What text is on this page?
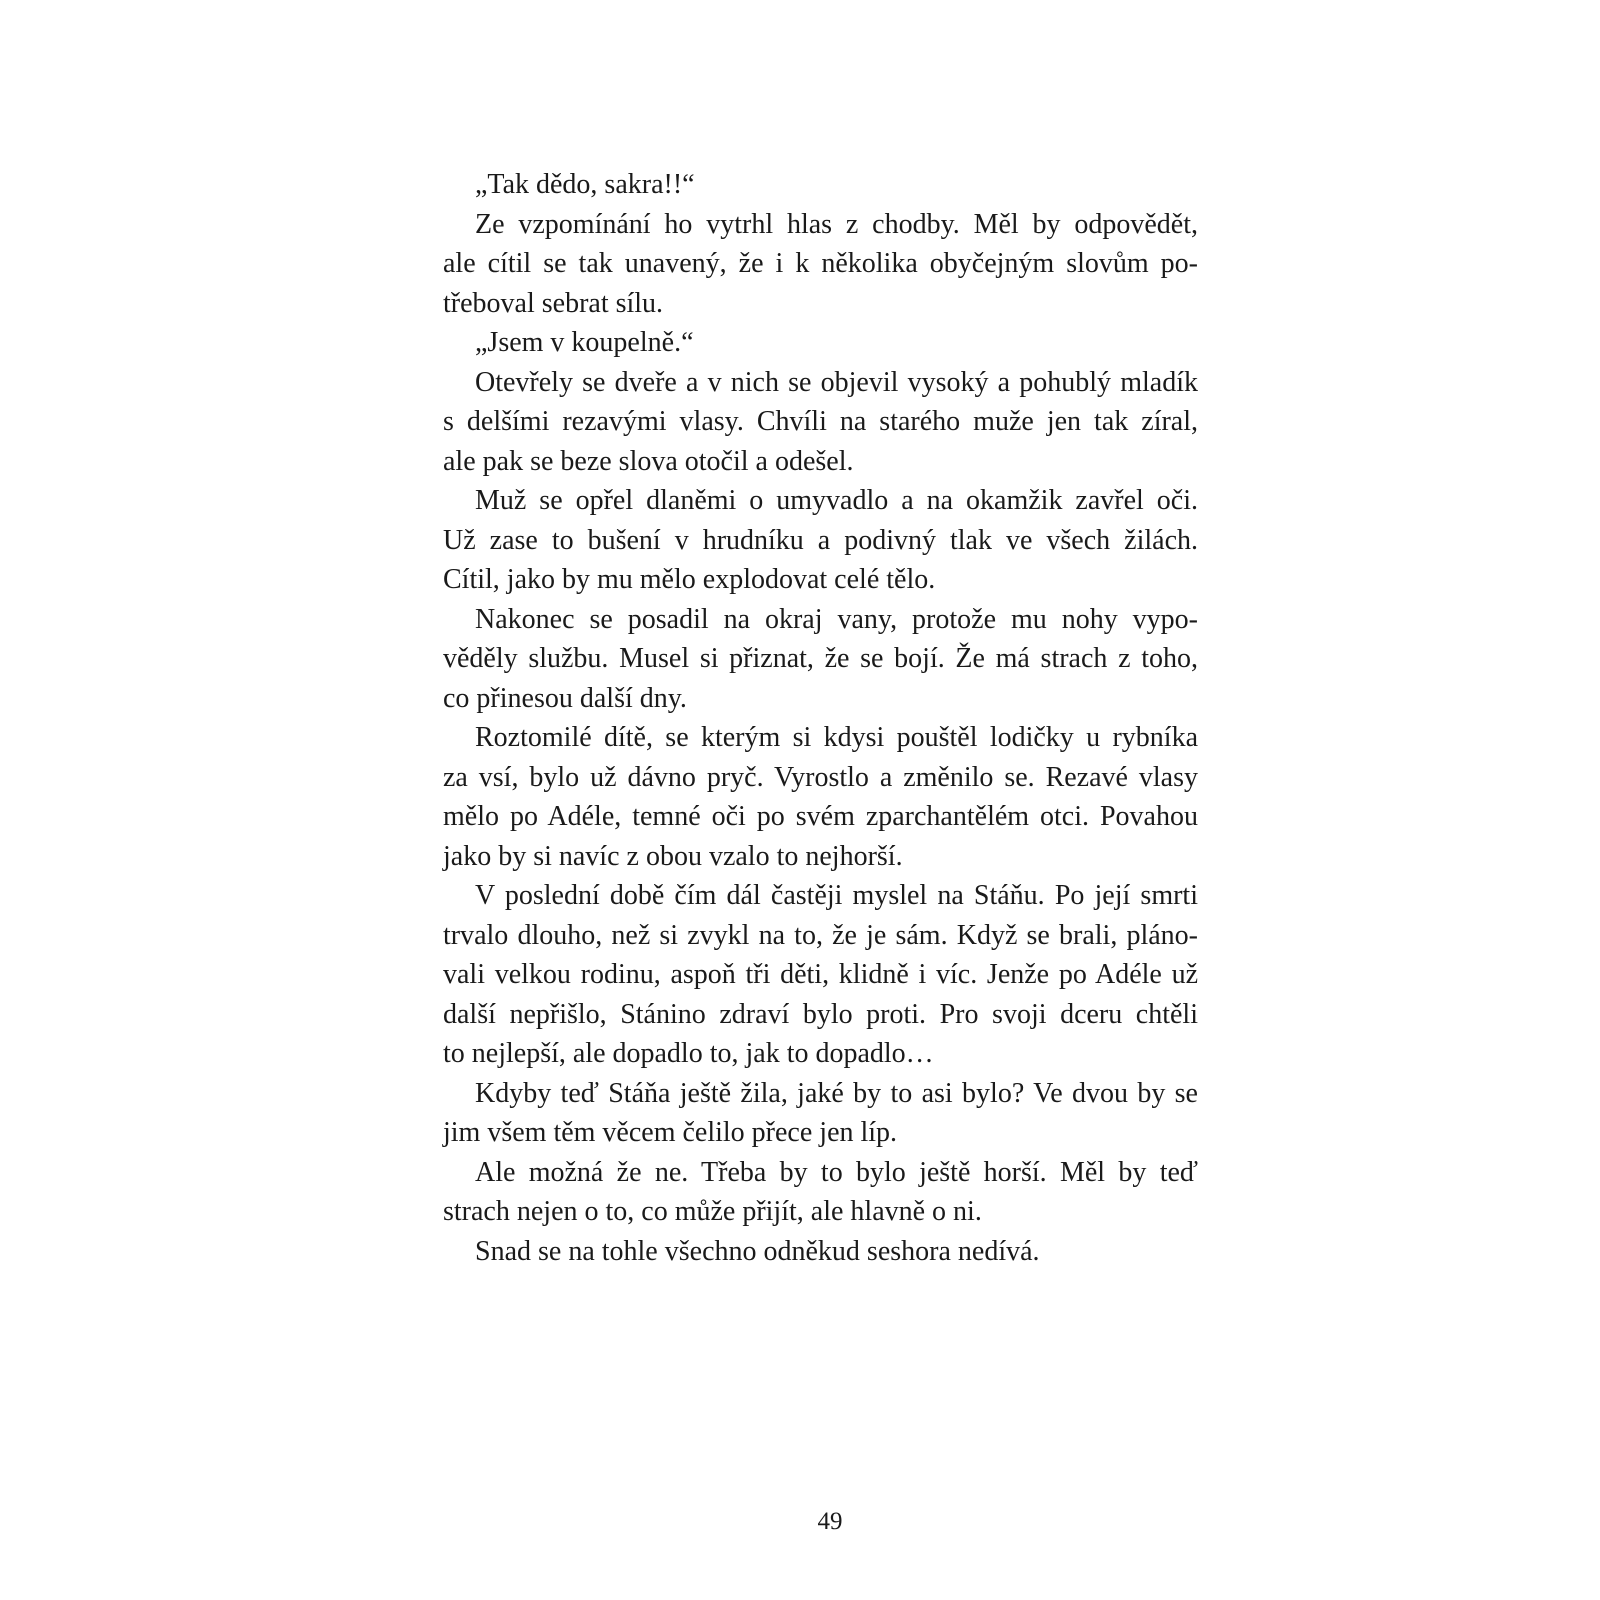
„Tak dědo, sakra!!“
Ze vzpomínání ho vytrhl hlas z chodby. Měl by odpovědět,
ale cítil se tak unavený, že i k několika obyčejným slovům po-
třeboval sebrat sílu.
„Jsem v koupelně.“
Otevřely se dveře a v nich se objevil vysoký a pohublý mladík
s delšími rezavými vlasy. Chvíli na starého muže jen tak zíral,
ale pak se beze slova otočil a odešel.
Muž se opřel dlaněmi o umyvadlo a na okamžik zavřel oči.
Už zase to bušení v hrudníku a podivný tlak ve všech žilách.
Cítil, jako by mu mělo explodovat celé tělo.
Nakonec se posadil na okraj vany, protože mu nohy vypo-
věděly službu. Musel si přiznat, že se bojí. Že má strach z toho,
co přinesou další dny.
Roztomilé dítě, se kterým si kdysi pouštěl lodičky u rybníka
za vsí, bylo už dávno pryč. Vyrostlo a změnilo se. Rezavé vlasy
mělo po Adéle, temné oči po svém zparchantělém otci. Povahou
jako by si navíc z obou vzalo to nejhorší.
V poslední době čím dál častěji myslel na Stáňu. Po její smrti
trvalo dlouho, než si zvykl na to, že je sám. Když se brali, pláno-
vali velkou rodinu, aspoň tři děti, klidně i víc. Jenže po Adéle už
další nepřišlo, Stánino zdraví bylo proti. Pro svoji dceru chtěli
to nejlepší, ale dopadlo to, jak to dopadlo…
Kdyby teď Stáňa ještě žila, jaké by to asi bylo? Ve dvou by se
jim všem těm věcem čelilo přece jen líp.
Ale možná že ne. Třeba by to bylo ještě horší. Měl by teď
strach nejen o to, co může přijít, ale hlavně o ni.
Snad se na tohle všechno odněkud seshora nedívá.
49
